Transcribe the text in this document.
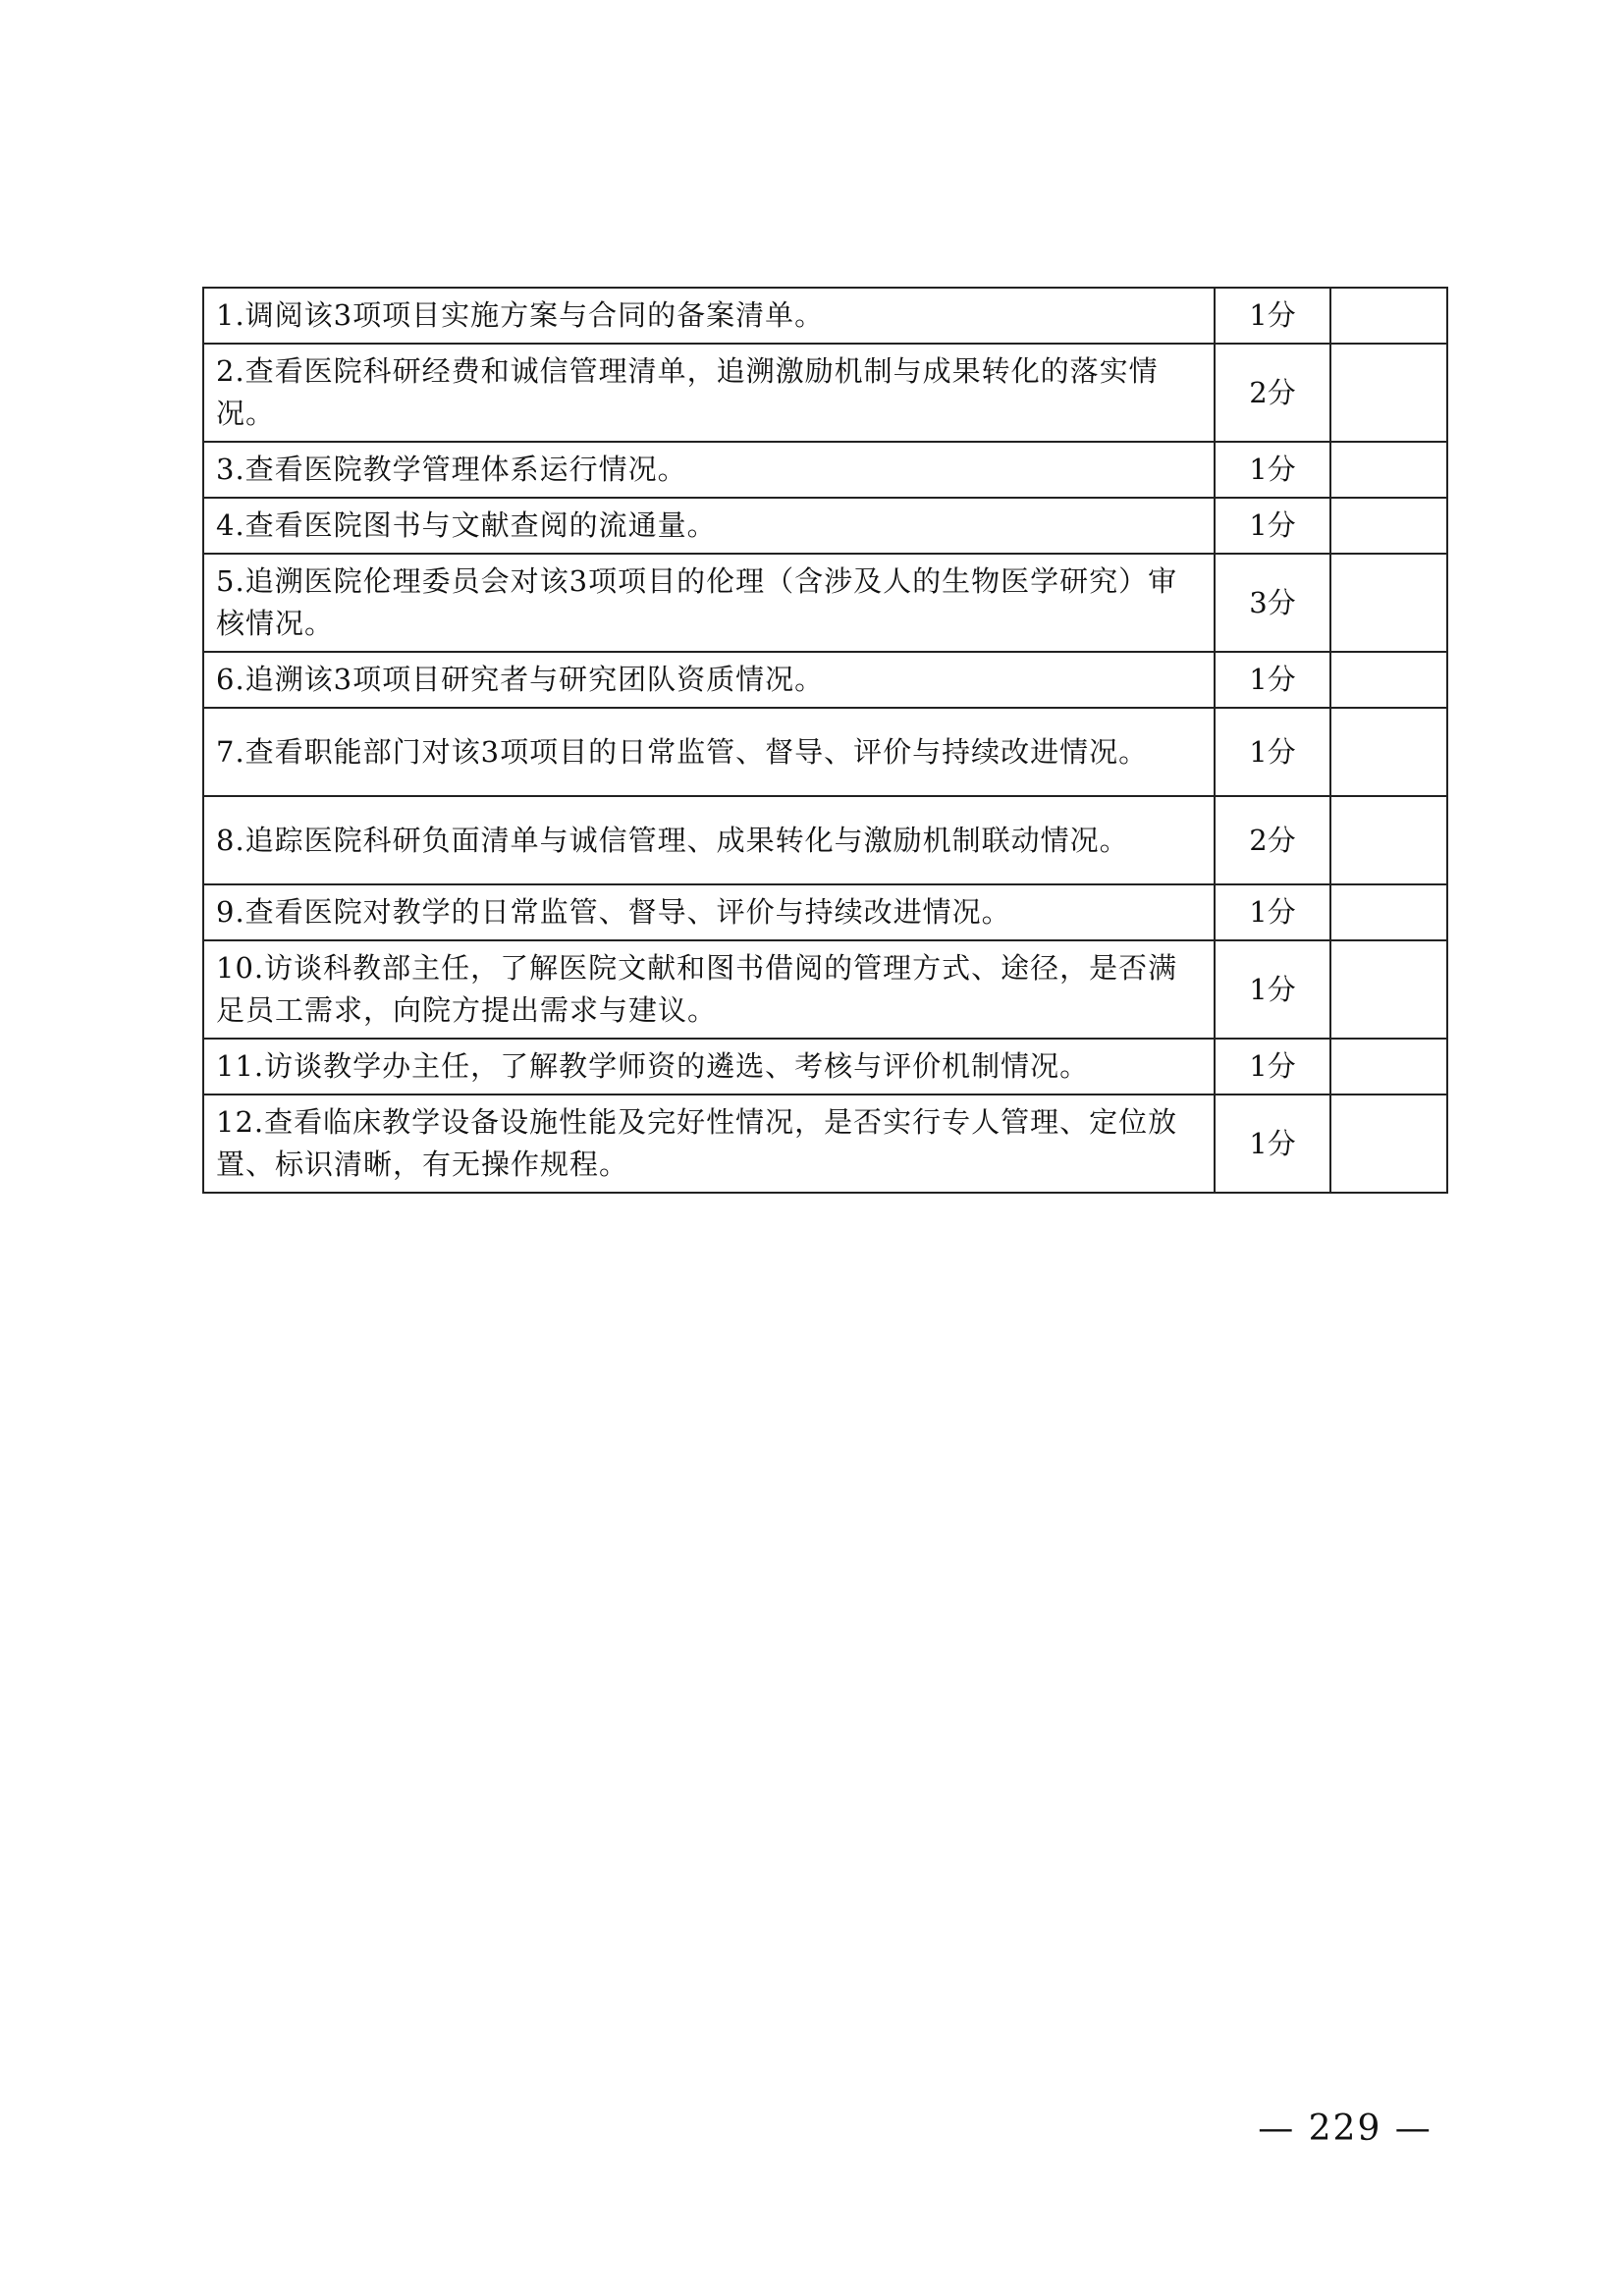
1.调阅该3项项目实施方案与合同的备案清单。	1分	
2.查看医院科研经费和诚信管理清单，追溯激励机制与成果转化的落实情况。	2分	
3.查看医院教学管理体系运行情况。	1分	
4.查看医院图书与文献查阅的流通量。	1分	
5.追溯医院伦理委员会对该3项项目的伦理（含涉及人的生物医学研究）审核情况。	3分	
6.追溯该3项项目研究者与研究团队资质情况。	1分	
7.查看职能部门对该3项项目的日常监管、督导、评价与持续改进情况。	1分	
8.追踪医院科研负面清单与诚信管理、成果转化与激励机制联动情况。	2分	
9.查看医院对教学的日常监管、督导、评价与持续改进情况。	1分	
10.访谈科教部主任，了解医院文献和图书借阅的管理方式、途径，是否满足员工需求，向院方提出需求与建议。	1分	
11.访谈教学办主任，了解教学师资的遴选、考核与评价机制情况。	1分	
12.查看临床教学设备设施性能及完好性情况，是否实行专人管理、定位放置、标识清晰，有无操作规程。	1分	
— 229 —
